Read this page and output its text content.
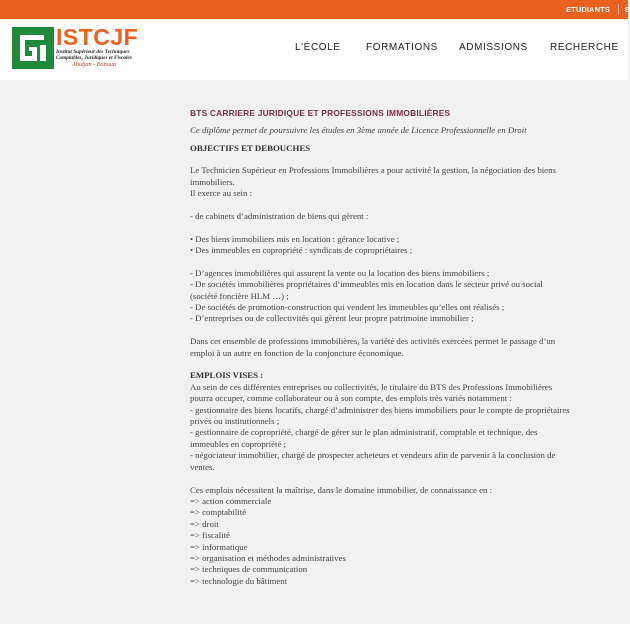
ETUDIANTS E
ISTCJF
Institut Supérieur des Techniques
Comptables, Juridiques et Fiscales
Abidjan - Bonoua
L'ÉCOLE	FORMATIONS ADMISSIONS RECHERCHE
BTS CARRIERE JURIDIQUE ET PROFESSIONS IMMOBILIÈRES

Ce diplôme permet de poursuivre les études en 3ème année de Licence Professionnelle en Droit

OBJECTIFS ET DEBOUCHES

Le Technicien Supérieur en Professions Immobilières a pour activité la gestion, la négociation des biens immobiliers.

Il exerce au sein :

- de cabinets d’administration de biens qui gèrent :

• Des biens immobiliers mis en location : gérance locative ;

• Des immeubles en copropriété : syndicats de copropriétaires ;

- D’agences immobilières qui assurent la vente ou la location des biens immobiliers ;

- De sociétés immobilières propriétaires d’immeubles mis en location dans le secteur privé ou social (société foncière HLM …) ;

- De sociétés de promotion-construction qui vendent les immeubles qu’elles ont réalisés ;

- D’entreprises ou de collectivités qui gèrent leur propre patrimoine immobilier ;

Dans cet ensemble de professions immobilières, la variété des activités exercées permet le passage d’un emploi à un autre en fonction de la conjoncture économique.

EMPLOIS VISES :

Au sein de ces différentes entreprises ou collectivités, le titulaire du BTS des Professions Immobilières pourra occuper, comme collaborateur ou à son compte, des emplois très variés notamment :

- gestionnaire des biens locatifs, chargé d’administrer des biens immobiliers pour le compte de propriétaires privés ou institutionnels ;

- gestionnaire de copropriété, chargé de gérer sur le plan administratif, comptable et technique, des immeubles en copropriété ;

- négociateur immobilier, chargé de prospecter acheteurs et vendeurs afin de parvenir à la conclusion de ventes.

Ces emplois nécessitent la maîtrise, dans le domaine immobilier, de connaissance en :

=> action commerciale

=> comptabilité

=> droit

=> fiscalité

=> informatique

=> organisation et méthodes administratives

=> techniques de communication

=> technologie du bâtiment
